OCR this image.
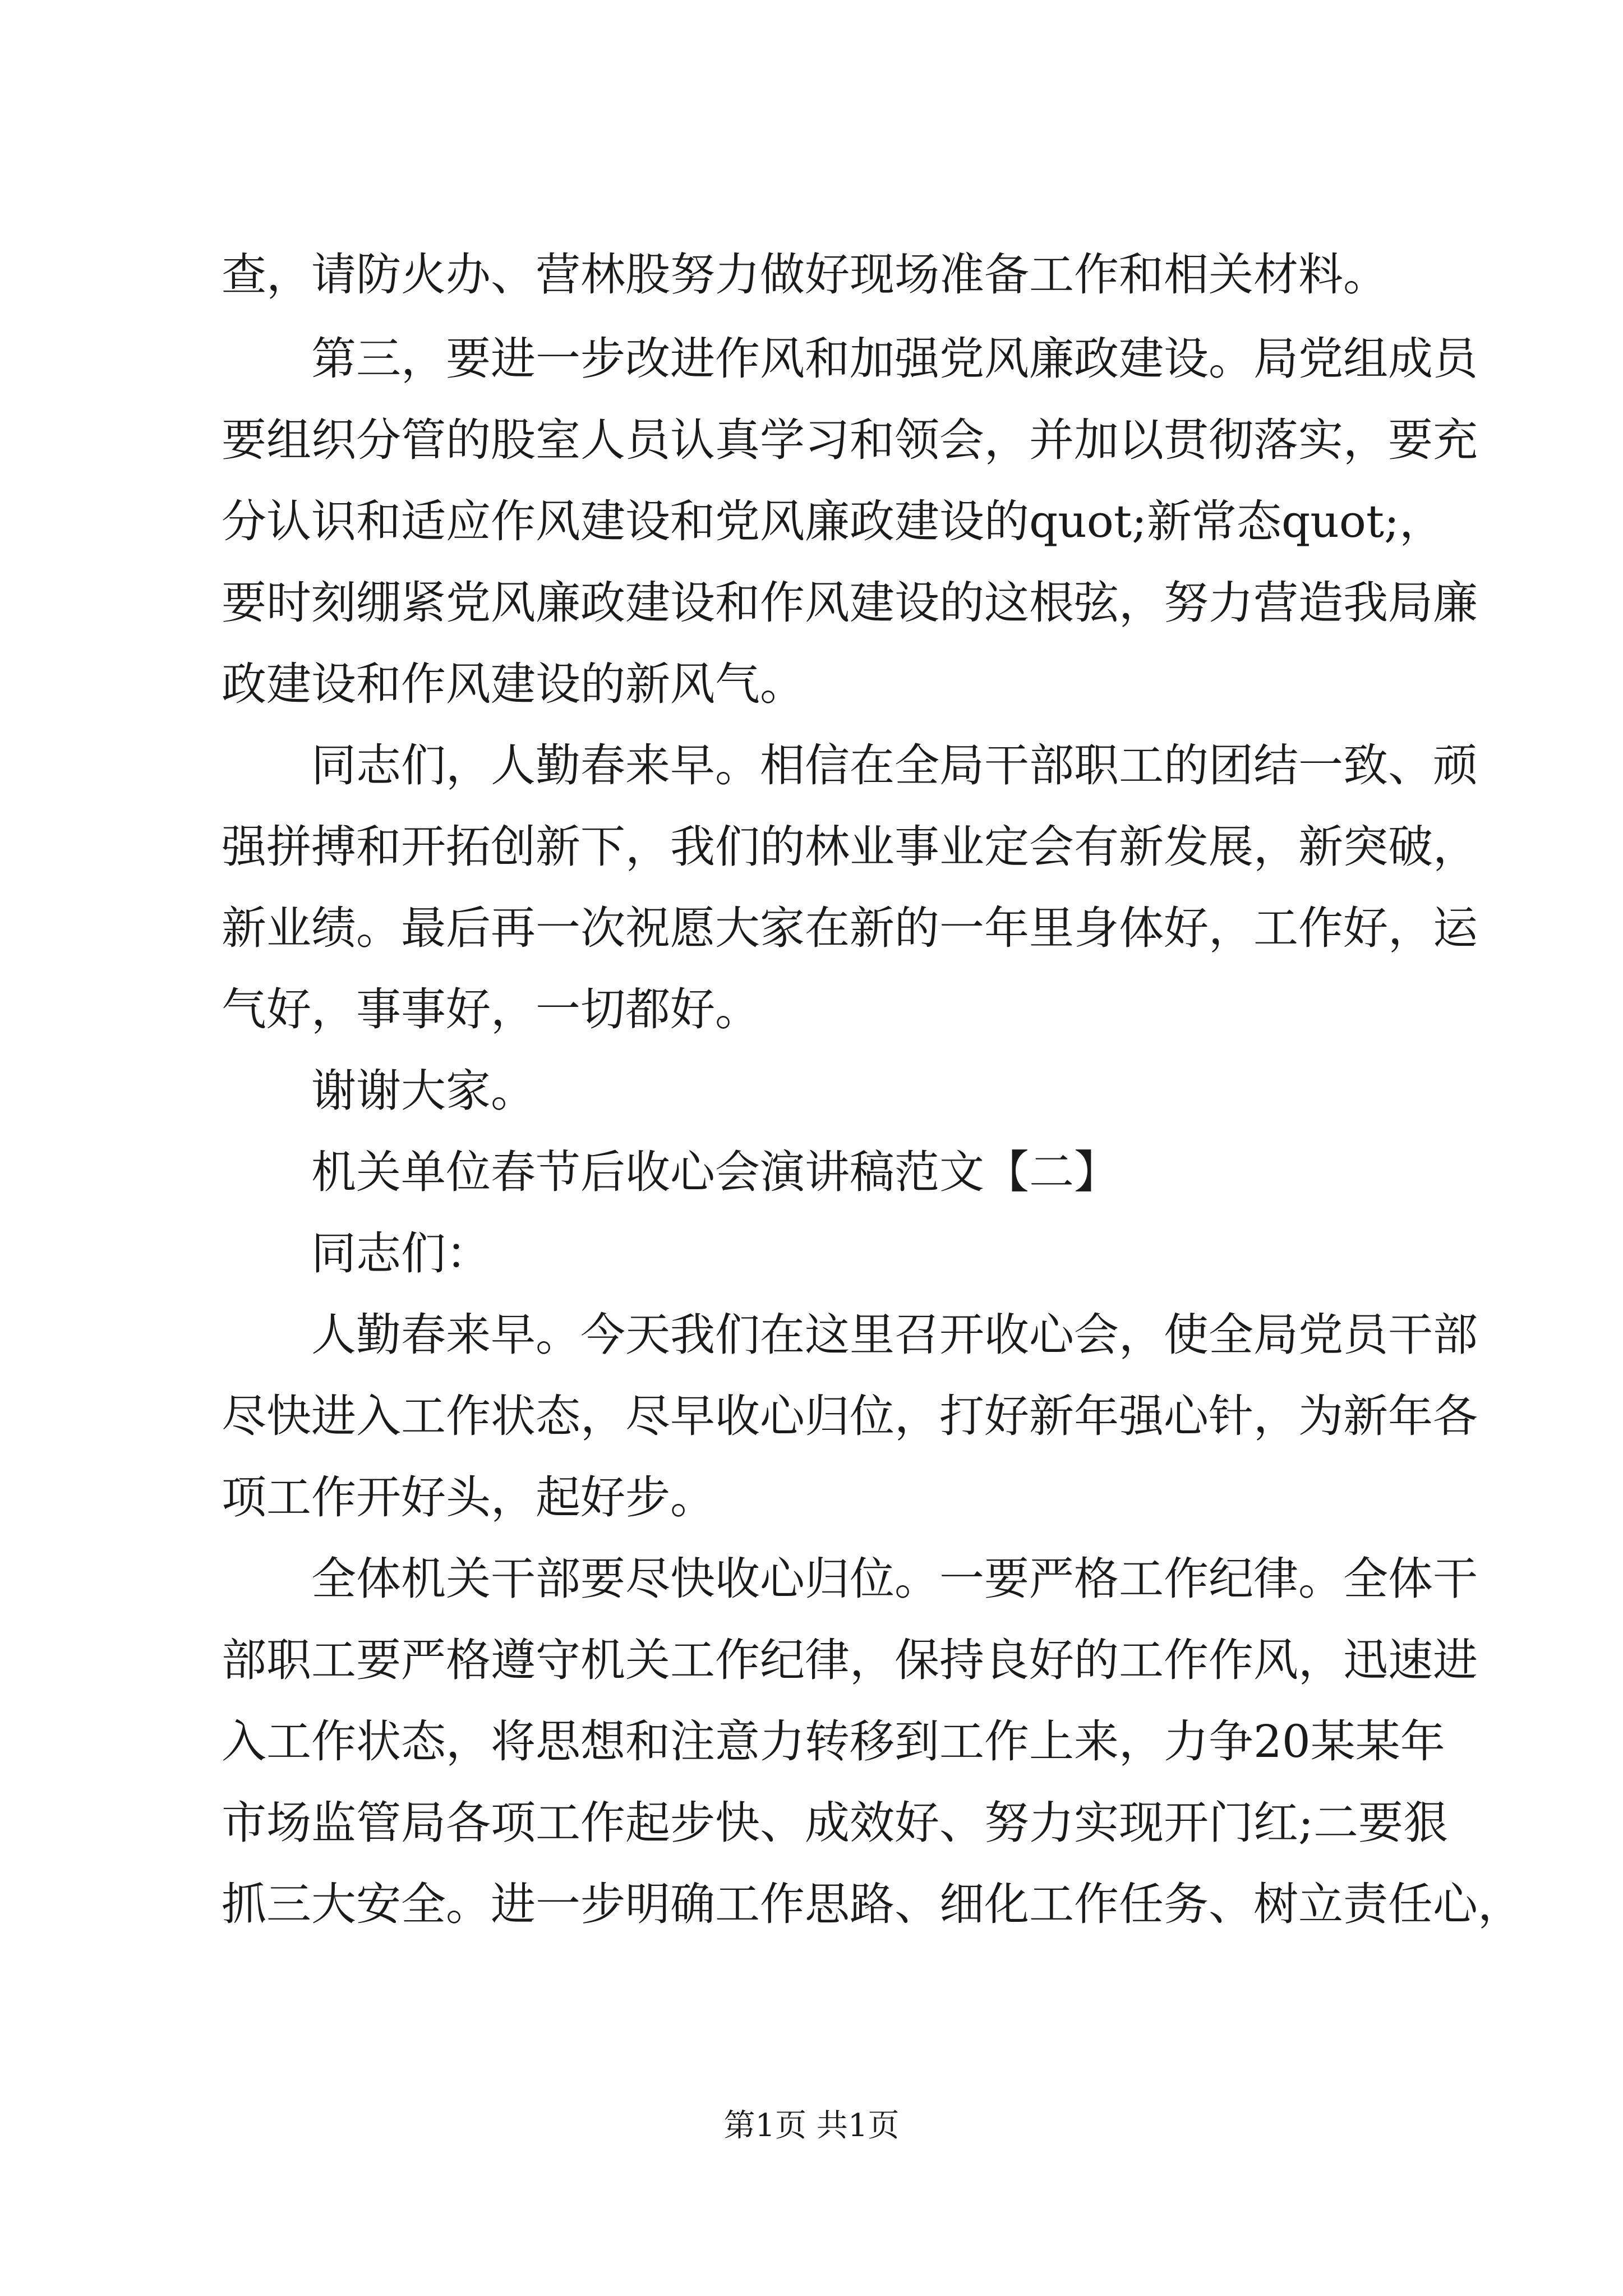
查，请防火办、营林股努力做好现场准备工作和相关材料。
第三，要进一步改进作风和加强党风廉政建设。局党组成员
要组织分管的股室人员认真学习和领会，并加以贯彻落实，要充
分认识和适应作风建设和党风廉政建设的quot;新常态quot;，
要时刻绷紧党风廉政建设和作风建设的这根弦，努力营造我局廉
政建设和作风建设的新风气。
同志们，人勤春来早。相信在全局干部职工的团结一致、顽
强拼搏和开拓创新下，我们的林业事业定会有新发展，新突破，
新业绩。最后再一次祝愿大家在新的一年里身体好，工作好，运
气好，事事好，一切都好。
谢谢大家。
机关单位春节后收心会演讲稿范文【二】
同志们：
人勤春来早。今天我们在这里召开收心会，使全局党员干部
尽快进入工作状态，尽早收心归位，打好新年强心针，为新年各
项工作开好头，起好步。
全体机关干部要尽快收心归位。一要严格工作纪律。全体干
部职工要严格遵守机关工作纪律，保持良好的工作作风，迅速进
入工作状态，将思想和注意力转移到工作上来，力争20某某年
市场监管局各项工作起步快、成效好、努力实现开门红;二要狠
抓三大安全。进一步明确工作思路、细化工作任务、树立责任心，
第1页 共1页
